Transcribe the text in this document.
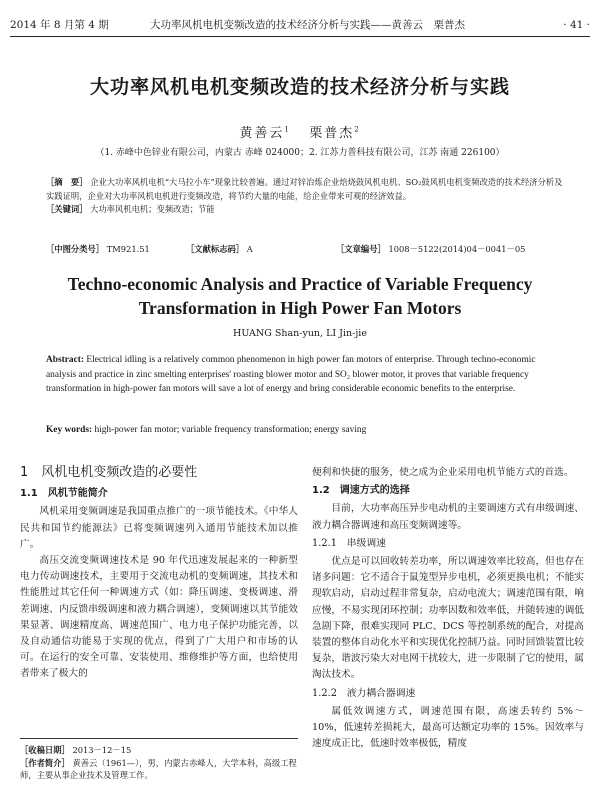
2014 年 8 月第 4 期	大功率风机电机变频改造的技术经济分析与实践——黄善云　栗普杰	· 41 ·
大功率风机电机变频改造的技术经济分析与实践
黄善云$^1$ 栗普杰$^2$
（1. 赤峰中色锌业有限公司，内蒙古 赤峰 024000；2. 江苏力普科技有限公司，江苏 南通 226100）
［摘　要］ 企业大功率风机电机“大马拉小车”现象比较普遍。通过对锌冶炼企业焙烧鼓风机电机、SO₂鼓风机电机变频改造的技术经济分析及实践证明，企业对大功率风机电机进行变频改造，将节约大量的电能，给企业带来可观的经济效益。
［关键词］ 大功率风机电机；变频改造；节能
［中图分类号］ TM921.51	［文献标志码］ A	［文章编号］ 1008－5122(2014)04－0041－05
Techno-economic Analysis and Practice of Variable Frequency
Transformation in High Power Fan Motors
HUANG Shan-yun, LI Jin-jie
Abstract: Electrical idling is a relatively common phenomenon in high power fan motors of enterprise. Through techno-economic analysis and practice in zinc smelting enterprises' roasting blower motor and SO₂ blower motor, it proves that variable frequency transformation in high-power fan motors will save a lot of energy and bring considerable economic benefits to the enterprise.
Key words: high-power fan motor; variable frequency transformation; energy saving
1　风机电机变频改造的必要性
1.1　风机节能简介

风机采用变频调速是我国重点推广的一项节能技术。《中华人民共和国节约能源法》已将变频调速列入通用节能技术加以推广。

高压交流变频调速技术是 90 年代迅速发展起来的一种新型电力传动调速技术，主要用于交流电动机的变频调速，其技术和性能胜过其它任何一种调速方式（如：降压调速、变极调速、滑差调速、内反馈串级调速和液力耦合调速），变频调速以其节能效果显著、调速精度高、调速范围广、电力电子保护功能完善，以及自动通信功能易于实现的优点，得到了广大用户和市场的认可。在运行的安全可靠、安装使用、维修维护等方面，也给使用者带来了极大的

便利和快捷的服务，使之成为企业采用电机节能方式的首选。

1.2　调速方式的选择

目前，大功率高压异步电动机的主要调速方式有串级调速、液力耦合器调速和高压变频调速等。

1.2.1　串级调速

优点是可以回收转差功率，所以调速效率比较高，但也存在诸多问题：它不适合于鼠笼型异步电机，必须更换电机；不能实现软启动，启动过程非常复杂，启动电流大；调速范围有限，响应慢，不易实现闭环控制；功率因数和效率低，并随转速的调低急剧下降，很难实现同 PLC、DCS 等控制系统的配合，对提高装置的整体自动化水平和实现优化控制乃益。同时回馈装置比较复杂，谐波污染大对电网干扰较大，进一步限制了它的使用，属淘汰技术。

1.2.2　液力耦合器调速

属低效调速方式，调速范围有限，高速丢转约 5%～10%，低速转差损耗大，最高可达额定功率的 15%。因效率与速度成正比，低速时效率极低，精度

［收稿日期］ 2013－12－15
［作者简介］ 黄善云（1961—），男，内蒙古赤峰人，大学本科，高级工程师，主要从事企业技术及管理工作。
